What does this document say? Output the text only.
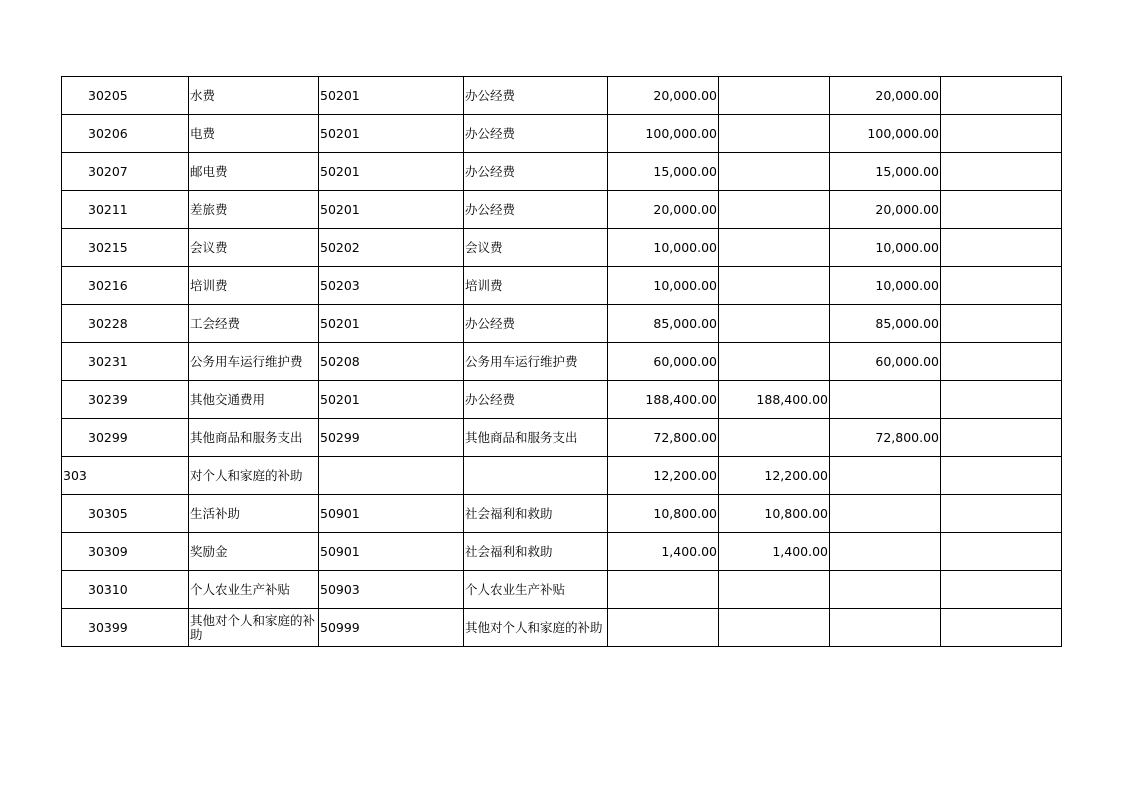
30205	水费	50201	办公经费	20,000.00		20,000.00	
30206	电费	50201	办公经费	100,000.00		100,000.00	
30207	邮电费	50201	办公经费	15,000.00		15,000.00	
30211	差旅费	50201	办公经费	20,000.00		20,000.00	
30215	会议费	50202	会议费	10,000.00		10,000.00	
30216	培训费	50203	培训费	10,000.00		10,000.00	
30228	工会经费	50201	办公经费	85,000.00		85,000.00	
30231	公务用车运行维护费	50208	公务用车运行维护费	60,000.00		60,000.00	
30239	其他交通费用	50201	办公经费	188,400.00	188,400.00		
30299	其他商品和服务支出	50299	其他商品和服务支出	72,800.00		72,800.00	
303	对个人和家庭的补助			12,200.00	12,200.00		
30305	生活补助	50901	社会福利和救助	10,800.00	10,800.00		
30309	奖励金	50901	社会福利和救助	1,400.00	1,400.00		
30310	个人农业生产补贴	50903	个人农业生产补贴				
30399	其他对个人和家庭的补助	50999	其他对个人和家庭的补助				
